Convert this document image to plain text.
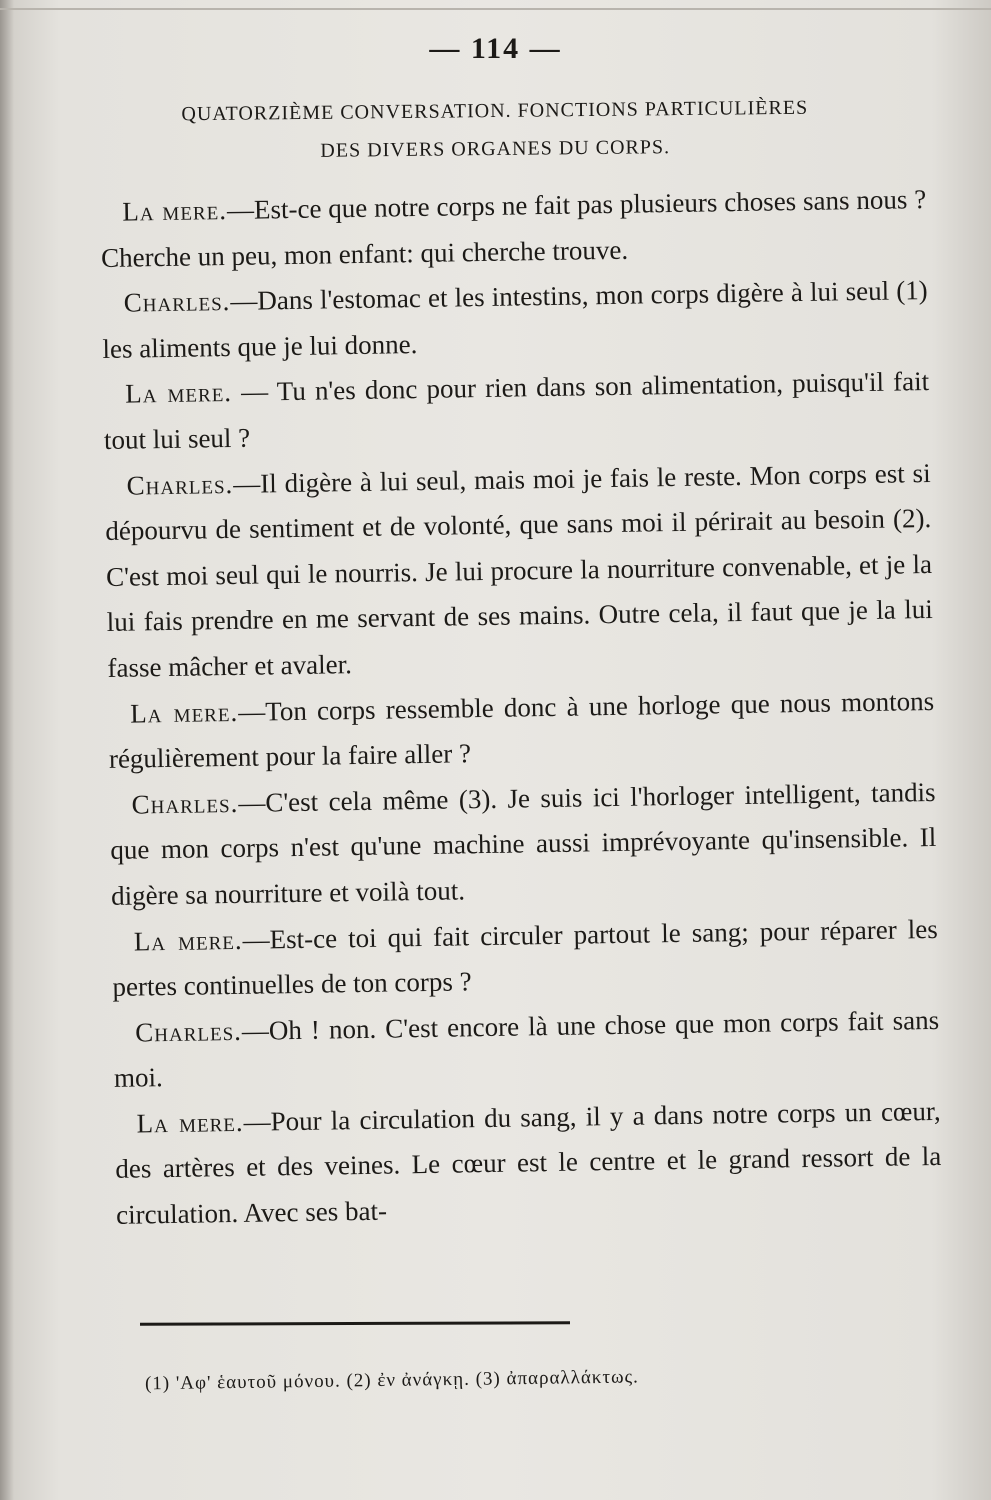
— 114 —
QUATORZIÈME CONVERSATION. FONCTIONS PARTICULIÈRES
DES DIVERS ORGANES DU CORPS.

La mere.—Est-ce que notre corps ne fait pas plusieurs choses sans nous ? Cherche un peu, mon enfant: qui cherche trouve.

Charles.—Dans l'estomac et les intestins, mon corps digère à lui seul (1) les aliments que je lui donne.

La mere. — Tu n'es donc pour rien dans son alimentation, puisqu'il fait tout lui seul ?

Charles.—Il digère à lui seul, mais moi je fais le reste. Mon corps est si dépourvu de sentiment et de volonté, que sans moi il périrait au besoin (2). C'est moi seul qui le nourris. Je lui procure la nourriture convenable, et je la lui fais prendre en me servant de ses mains. Outre cela, il faut que je la lui fasse mâcher et avaler.

La mere.—Ton corps ressemble donc à une horloge que nous montons régulièrement pour la faire aller ?

Charles.—C'est cela même (3). Je suis ici l'horloger intelligent, tandis que mon corps n'est qu'une machine aussi imprévoyante qu'insensible. Il digère sa nourriture et voilà tout.

La mere.—Est-ce toi qui fait circuler partout le sang; pour réparer les pertes continuelles de ton corps ?

Charles.—Oh ! non. C'est encore là une chose que mon corps fait sans moi.

La mere.—Pour la circulation du sang, il y a dans notre corps un cœur, des artères et des veines. Le cœur est le centre et le grand ressort de la circulation. Avec ses bat-

(1) 'Αφ' ἑαυτοῦ μόνου. (2) ἐν ἀνάγκῃ. (3) ἀπαραλλάκτως.
